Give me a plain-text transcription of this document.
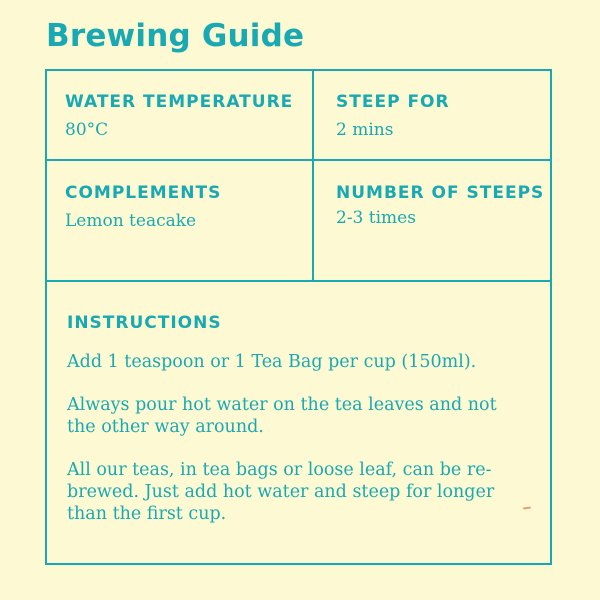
Brewing Guide
WATER TEMPERATURE
80°C
STEEP FOR
2 mins
COMPLEMENTS
Lemon teacake
NUMBER OF STEEPS
2-3 times
INSTRUCTIONS

Add 1 teaspoon or 1 Tea Bag per cup (150ml).

Always pour hot water on the tea leaves and not the other way around.

All our teas, in tea bags or loose leaf, can be re-brewed. Just add hot water and steep for longer than the first cup.
